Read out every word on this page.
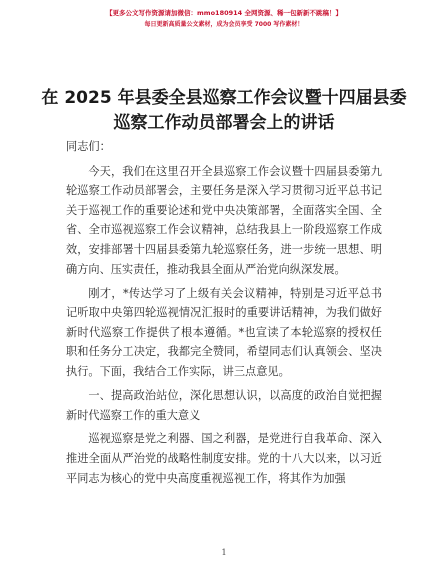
【更多公文写作资源请加微信：mmo180914 全网资源、稀一包新新不跳稿！】
每日更新高质量公文素材，成为会员享受 7000 写作素材！
在 2025 年县委全县巡察工作会议暨十四届县委
巡察工作动员部署会上的讲话

同志们：

今天，我们在这里召开全县巡察工作会议暨十四届县委第九轮巡察工作动员部署会，主要任务是深入学习贯彻习近平总书记关于巡视工作的重要论述和党中央决策部署，全面落实全国、全省、全市巡视巡察工作会议精神，总结我县上一阶段巡察工作成效，安排部署十四届县委第九轮巡察任务，进一步统一思想、明确方向、压实责任，推动我县全面从严治党向纵深发展。

刚才，*传达学习了上级有关会议精神，特别是习近平总书记听取中央第四轮巡视情况汇报时的重要讲话精神，为我们做好新时代巡察工作提供了根本遵循。*也宣读了本轮巡察的授权任职和任务分工决定，我都完全赞同，希望同志们认真领会、坚决执行。下面，我结合工作实际，讲三点意见。

一、提高政治站位，深化思想认识，以高度的政治自觉把握新时代巡察工作的重大意义

巡视巡察是党之利器、国之利器，是党进行自我革命、深入推进全面从严治党的战略性制度安排。党的十八大以来，以习近平同志为核心的党中央高度重视巡视工作，将其作为加强

1
